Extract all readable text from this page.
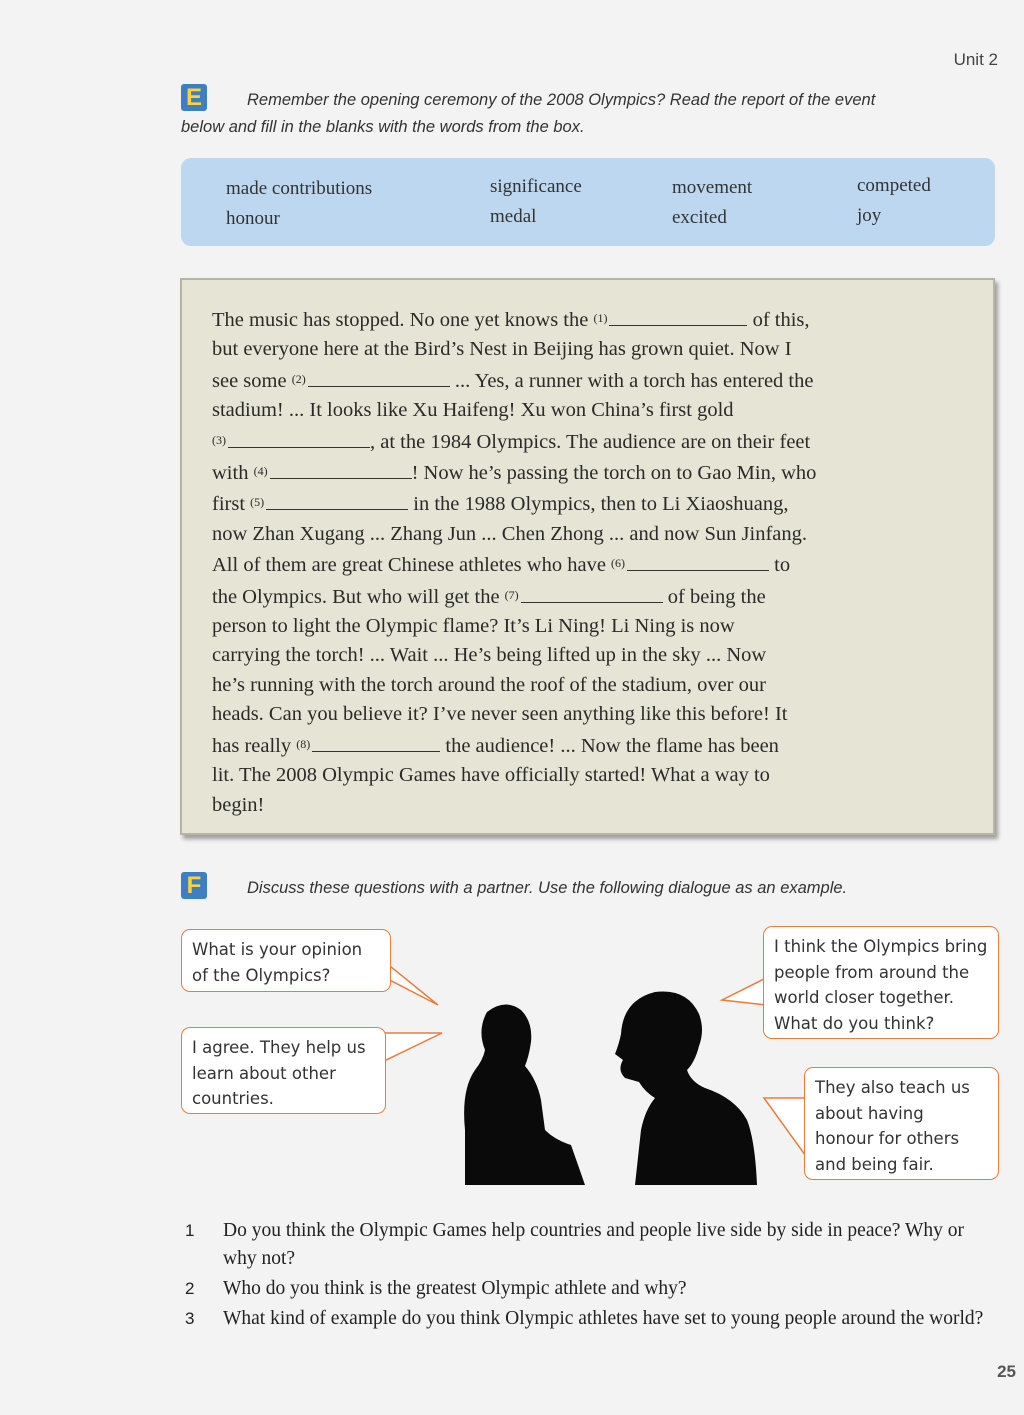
Unit 2
E	Remember the opening ceremony of the 2008 Olympics? Read the report of the event
below and fill in the blanks with the words from the box.
made contributions	significance	movement	competed
honour	medal	excited	joy
The music has stopped. No one yet knows the (1)	of this,
but everyone here at the Bird’s Nest in Beijing has grown quiet. Now I
see some (2)	... Yes, a runner with a torch has entered the
stadium! ... It looks like Xu Haifeng! Xu won China’s first gold
(3)	, at the 1984 Olympics. The audience are on their feet
with (4)	! Now he’s passing the torch on to Gao Min, who
first (5)	in the 1988 Olympics, then to Li Xiaoshuang,
now Zhan Xugang ... Zhang Jun ... Chen Zhong ... and now Sun Jinfang.
All of them are great Chinese athletes who have (6)	to
the Olympics. But who will get the (7)	of being the
person to light the Olympic flame? It’s Li Ning! Li Ning is now
carrying the torch! ... Wait ... He’s being lifted up in the sky ... Now
he’s running with the torch around the roof of the stadium, over our
heads. Can you believe it? I’ve never seen anything like this before! It
has really (8)	the audience! ... Now the flame has been
lit. The 2008 Olympic Games have officially started! What a way to
begin!
F	Discuss these questions with a partner. Use the following dialogue as an example.
What is your opinion
of the Olympics?
I agree. They help us
learn about other
countries.
I think the Olympics bring
people from around the
world closer together.
What do you think?
They also teach us
about having
honour for others
and being fair.
1 Do you think the Olympic Games help countries and people live side by side in peace? Why or why not?
2 Who do you think is the greatest Olympic athlete and why?
3 What kind of example do you think Olympic athletes have set to young people around the world?
25
